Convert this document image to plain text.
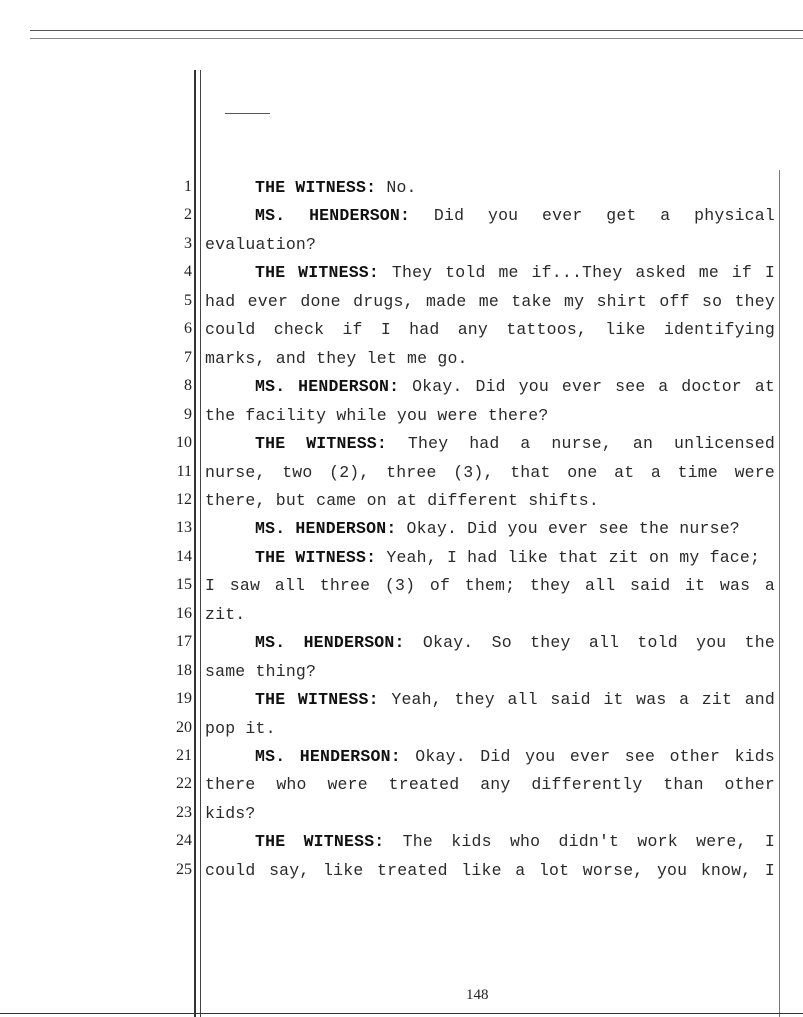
1	THE WITNESS: No.
2	MS. HENDERSON: Did you ever get a physical
3 evaluation?
4	THE WITNESS: They told me if...They asked me if I
5 had ever done drugs, made me take my shirt off so they
6 could check if I had any tattoos, like identifying
7 marks, and they let me go.
8	MS. HENDERSON: Okay. Did you ever see a doctor at
9 the facility while you were there?
10	THE WITNESS: They had a nurse, an unlicensed
11 nurse, two (2), three (3), that one at a time were
12 there, but came on at different shifts.
13	MS. HENDERSON: Okay. Did you ever see the nurse?
14	THE WITNESS: Yeah, I had like that zit on my face;
15 I saw all three (3) of them; they all said it was a
16 zit.
17	MS. HENDERSON: Okay. So they all told you the
18 same thing?
19	THE WITNESS: Yeah, they all said it was a zit and
20 pop it.
21	MS. HENDERSON: Okay. Did you ever see other kids
22 there who were treated any differently than other
23 kids?
24	THE WITNESS: The kids who didn't work were, I
25 could say, like treated like a lot worse, you know, I
148
